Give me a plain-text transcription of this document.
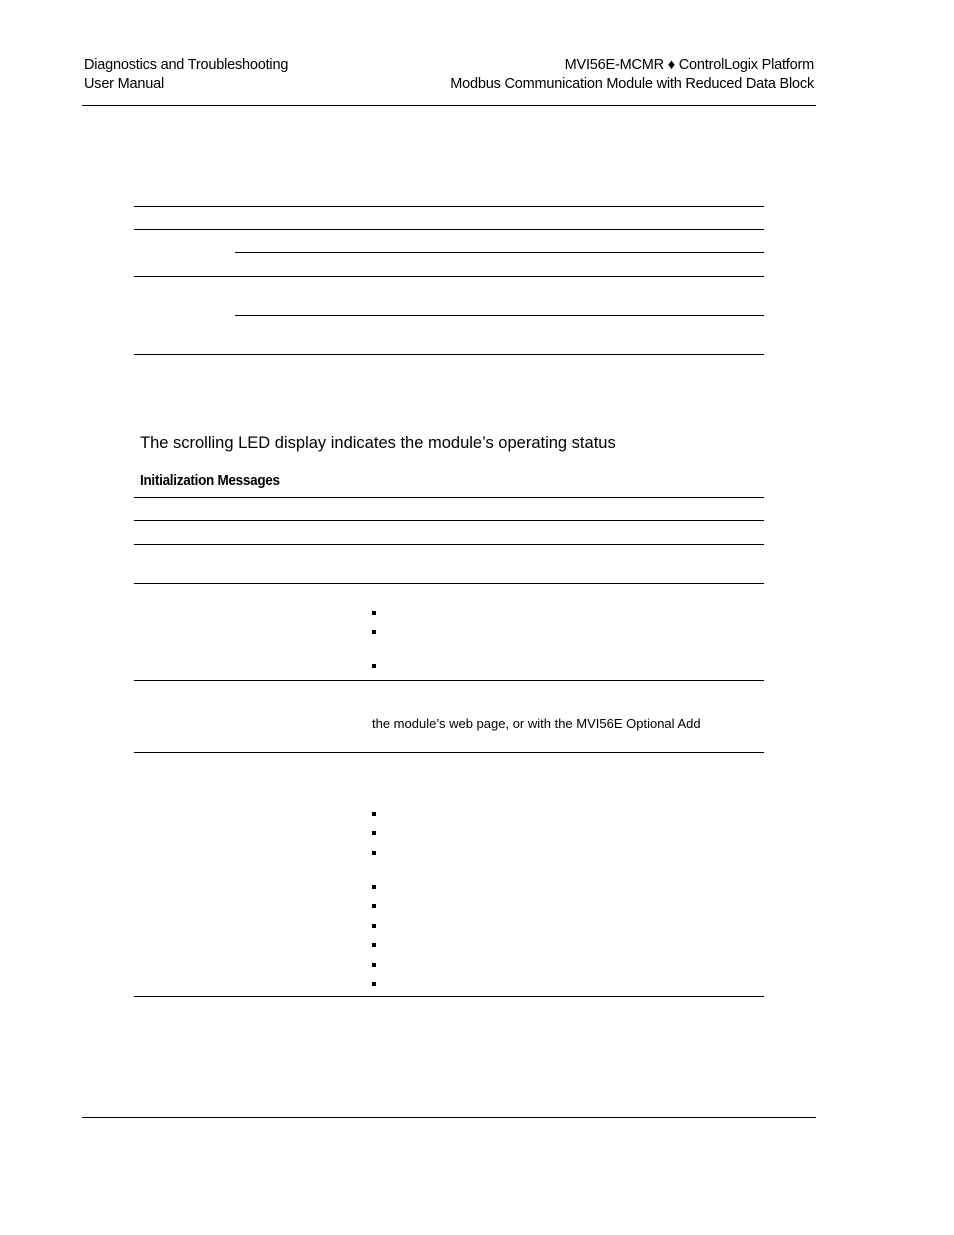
Diagnostics and Troubleshooting
User Manual
MVI56E-MCMR ♦ ControlLogix Platform
Modbus Communication Module with Reduced Data Block
The scrolling LED display indicates the module’s operating status
Initialization Messages
the module’s web page, or with the MVI56E Optional Add
